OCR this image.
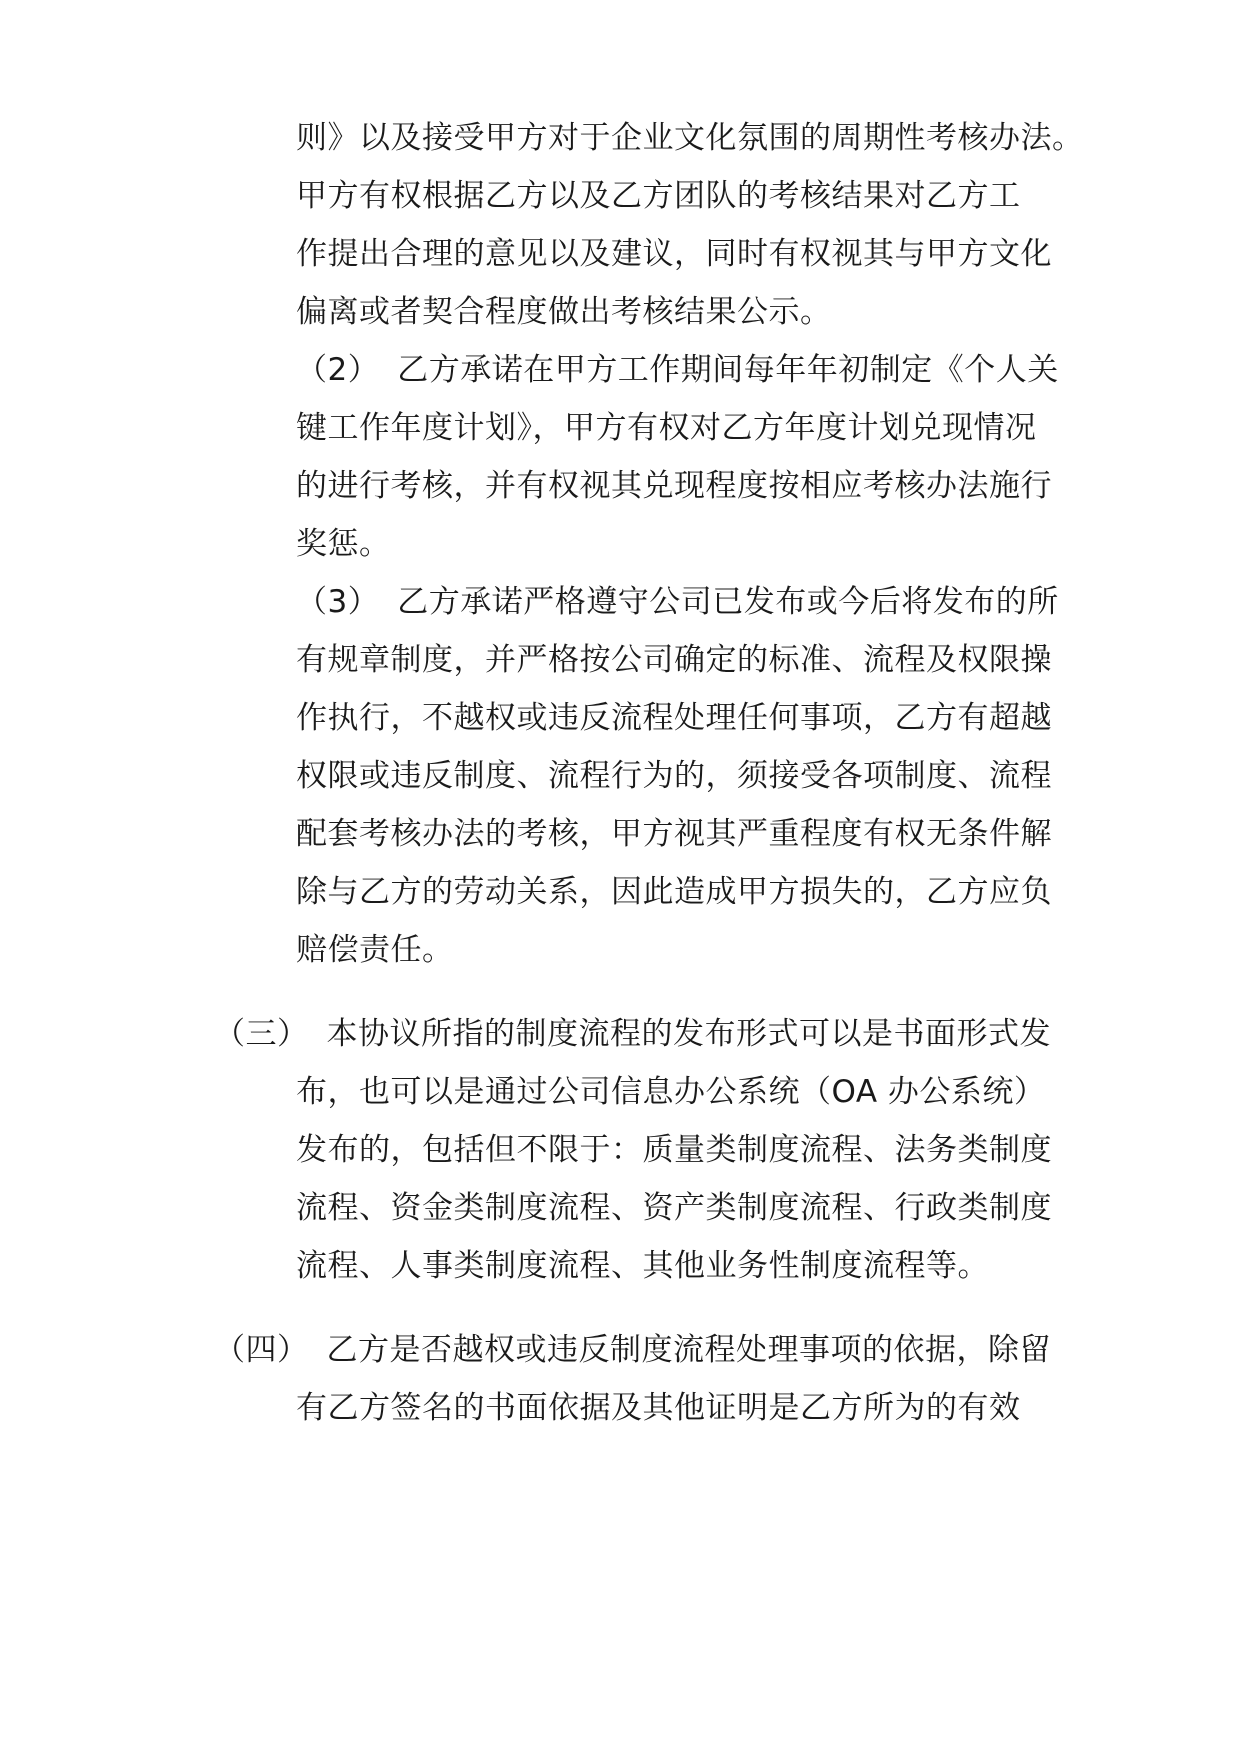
则》以及接受甲方对于企业文化氛围的周期性考核办法。
甲方有权根据乙方以及乙方团队的考核结果对乙方工
作提出合理的意见以及建议，同时有权视其与甲方文化
偏离或者契合程度做出考核结果公示。
（2） 乙方承诺在甲方工作期间每年年初制定《个人关
键工作年度计划》，甲方有权对乙方年度计划兑现情况
的进行考核，并有权视其兑现程度按相应考核办法施行
奖惩。
（3） 乙方承诺严格遵守公司已发布或今后将发布的所
有规章制度，并严格按公司确定的标准、流程及权限操
作执行，不越权或违反流程处理任何事项，乙方有超越
权限或违反制度、流程行为的，须接受各项制度、流程
配套考核办法的考核，甲方视其严重程度有权无条件解
除与乙方的劳动关系，因此造成甲方损失的，乙方应负
赔偿责任。
（三） 本协议所指的制度流程的发布形式可以是书面形式发
布，也可以是通过公司信息办公系统（OA 办公系统）
发布的，包括但不限于：质量类制度流程、法务类制度
流程、资金类制度流程、资产类制度流程、行政类制度
流程、人事类制度流程、其他业务性制度流程等。
（四） 乙方是否越权或违反制度流程处理事项的依据，除留
有乙方签名的书面依据及其他证明是乙方所为的有效
